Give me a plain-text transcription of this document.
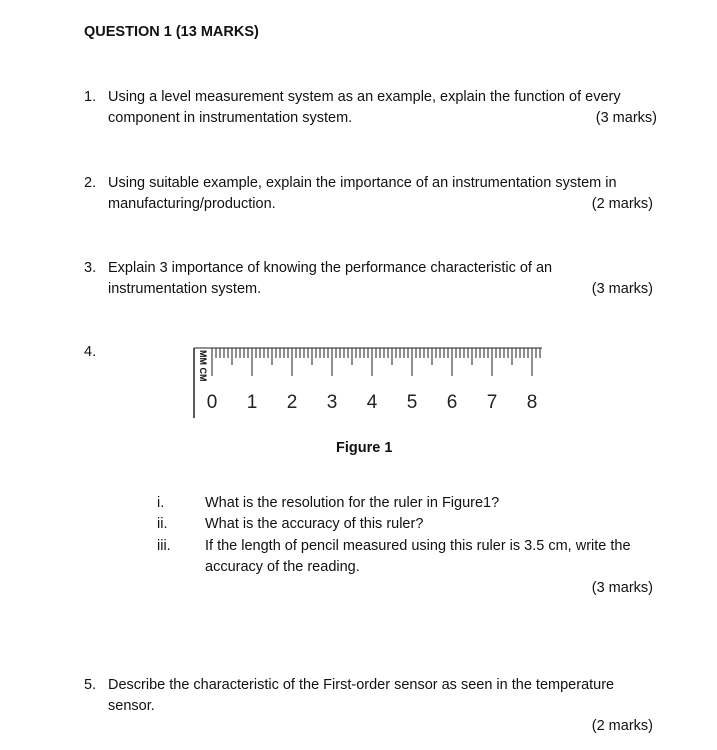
QUESTION 1 (13 MARKS)
1. Using a level measurement system as an example, explain the function of every
component in instrumentation system.	(3 marks)
2. Using suitable example, explain the importance of an instrumentation system in
manufacturing/production.	(2 marks)
3. Explain 3 importance of knowing the performance characteristic of an
instrumentation system.	(3 marks)
4.
0 1 2 3 4 5 6 7 8
MM CM
Figure 1
i.	What is the resolution for the ruler in Figure1?
ii.	What is the accuracy of this ruler?
iii. If the length of pencil measured using this ruler is 3.5 cm, write the
accuracy of the reading.
(3 marks)
5. Describe the characteristic of the First-order sensor as seen in the temperature
sensor.
(2 marks)
